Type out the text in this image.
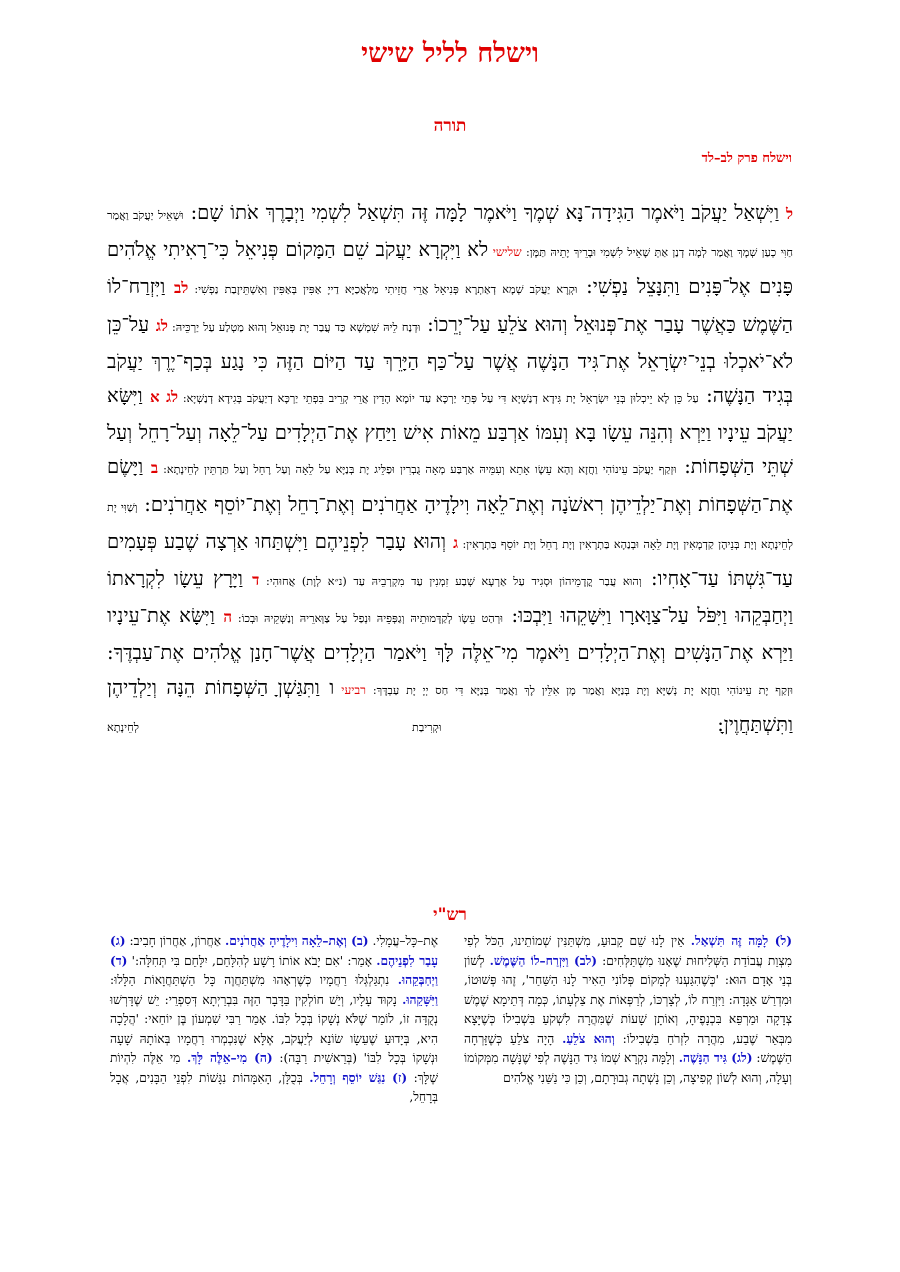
וישלח לליל שישי
תורה
וישלח פרק לב–לד
ל וַיִּשְׁאַל יַעֲקֹב וַיֹּאמֶר הַגִּידָה־נָּא שְׁמֶךָ וַיֹּאמֶר לָמָּה זֶּה תִּשְׁאַל לִשְׁמִי וַיְבָרֶךְ אֹתוֹ שָׁם: וּשְׁאֵיל יַעֲקֹב וַאֲמַר חַוִּי כְעַן שְׁמָךְ וַאֲמַר לְמָה דְנַן אַתְּ שָׁאֵיל לִשְׁמִי וּבָרֵיךְ יָתֵיהּ תַּמָּן: שלישי לא וַיִּקְרָא יַעֲקֹב שֵׁם הַמָּקוֹם פְּנִיאֵל כִּי־רָאִיתִי אֱלֹהִים פָּנִים אֶל־פָּנִים וַתִּנָּצֵל נַפְשִׁי: וּקְרָא יַעֲקֹב שְׁמָא דְאַתְרָא פְּנִיאֵל אֲרֵי חֲזֵיתִי מַלְאֲכַיָּא דַייָ אַפִּין בְּאַפִּין וְאִשְׁתֵּיזָבַת נַפְשִׁי: לב וַיִּזְרַח־לוֹ הַשֶּׁמֶשׁ כַּאֲשֶׁר עָבַר אֶת־פְּנוּאֵל וְהוּא צֹלֵעַ עַל־יְרֵכוֹ: וּדְנַח לֵיהּ שִׁמְשָׁא כַּד עֲבַר יָת פְּנוּאֵל וְהוּא מַטְלַע עַל יַרְכֵּיהּ: לג עַל־כֵּן לֹא־יֹאכְלוּ בְנֵי־יִשְׂרָאֵל אֶת־גִּיד הַנָּשֶׁה אֲשֶׁר עַל־כַּף הַיָּרֵךְ עַד הַיּוֹם הַזֶּה כִּי נָגַע בְּכַף־יֶרֶךְ יַעֲקֹב בְּגִיד הַנָּשֶׁה: עַל כֵּן לָא יֵיכְלוּן בְּנֵי יִשְׂרָאֵל יָת גִּידָא דְנַשְׁיָא דִּי עַל פְּתֵי יַרְכָּא עַד יוֹמָא הָדֵין אֲרֵי קְרֵיב בִּפְתֵי יַרְכָּא דְיַעֲקֹב בְּגִידָא דְנַשְׁיָא: לג א וַיִּשָּׂא יַעֲקֹב עֵינָיו וַיַּרְא וְהִנֵּה עֵשָׂו בָּא וְעִמּוֹ אַרְבַּע מֵאוֹת אִישׁ וַיַּחַץ אֶת־הַיְלָדִים עַל־לֵאָה וְעַל־רָחֵל וְעַל שְׁתֵּי הַשְּׁפָחוֹת: וּזְקַף יַעֲקֹב עֵינוֹהִי וַחֲזָא וְהָא עֵשָׂו אָתֵא וְעִמֵּיהּ אַרְבַּע מְאָה גֻבְרִין וּפַלֵּיג יָת בְּנַיָּא עַל לֵאָה וְעַל רָחֵל וְעַל תַּרְתֵּין לְחֵינָתָא: ב וַיָּשֶׂם אֶת־הַשְּׁפָחוֹת וְאֶת־יַלְדֵיהֶן רִאשֹׁנָה וְאֶת־לֵאָה וִילָדֶיהָ אַחֲרֹנִים וְאֶת־רָחֵל וְאֶת־יוֹסֵף אַחֲרֹנִים: וְשַׁוִּי יָת לְחֵינָתָא וְיָת בְּנֵיהֶן קַדְמָאִין וְיָת לֵאָה וּבְנַהָא בַּתְרָאִין וְיָת רָחֵל וְיָת יוֹסֵף בַּתְרָאִין: ג וְהוּא עָבַר לִפְנֵיהֶם וַיִּשְׁתַּחוּ אַרְצָה שֶׁבַע פְּעָמִים עַד־גִּשְׁתּוֹ עַד־אָחִיו: וְהוּא עֲבַר קֳדָמֵיהוֹן וּסְגִיד עַל אַרְעָא שְׁבַע זִמְנִין עַד מִקְרְבֵיהּ עַד (נ״א לְוָת) אֲחוּהִי: ד וַיָּרָץ עֵשָׂו לִקְרָאתוֹ וַיְחַבְּקֵהוּ וַיִּפֹּל עַל־צַוָּארָו וַיִּשָּׁקֵהוּ וַיִּבְכּוּ: וּרְהַט עֵשָׂו לְקַדָּמוּתֵיהּ וְגַפְּפֵיהּ וּנְפַל עַל צַוְּארֵיהּ וְנַשְּׁקֵיהּ וּבְכוֹ: ה וַיִּשָּׂא אֶת־עֵינָיו וַיַּרְא אֶת־הַנָּשִׁים וְאֶת־הַיְלָדִים וַיֹּאמֶר מִי־אֵלֶּה לָּךְ וַיֹּאמַר הַיְלָדִים אֲשֶׁר־חָנַן אֱלֹהִים אֶת־עַבְדֶּךָ: וּזְקַף יָת עֵינוֹהִי וַחֲזָא יָת נְשַׁיָּא וְיָת בְּנַיָּא וַאֲמַר מָן אִלֵּין לָךְ וַאֲמַר בְּנַיָּא דִּי חַס יְיָ יָת עַבְדָּךְ: רביעי ו וַתִּגַּשְׁןָ הַשְּׁפָחוֹת הֵנָּה וְיַלְדֵיהֶן וַתִּשְׁתַּחֲוֶיןָ: וּקְרִיבַת לְחֵינָתָא
רש"י
(ל) לָמָּה זֶּה תִּשְׁאַל. אֵין לָנוּ שֵׁם קָבוּעַ, מִשְׁתַּנִּין שְׁמוֹתֵינוּ, הַכֹּל לְפִי מִצְוַת עֲבוֹדַת הַשְּׁלִיחוּת שֶׁאָנוּ מִשְׁתַּלְּחִים: (לב) וַיִּזְרַח–לוֹ הַשֶּׁמֶשׁ. לְשׁוֹן בְּנֵי אָדָם הוּא: 'כְּשֶׁהִגַּעְנוּ לְמָקוֹם פְּלוֹנִי הֵאִיר לָנוּ הַשַּׁחַר', זֶהוּ פְּשׁוּטוֹ, וּמִדְרַשׁ אַגָּדָה: וַיִּזְרַח לוֹ, לְצָרְכּוֹ, לְרַפְּאוֹת אֶת צַלְעָתוֹ, כְּמָה דְּתֵימָא שֶׁמֶשׁ צְדָקָה וּמַרְפֵּא בִּכְנָפֶיהָ, וְאוֹתָן שָׁעוֹת שֶׁמִּהֲרָה לִשְׁקֹעַ בִּשְׁבִילוֹ כְּשֶׁיָּצָא מִבְּאֵר שֶׁבַע, מִהֲרָה לִזְרֹחַ בִּשְׁבִילוֹ: וְהוּא צֹלֵעַ. הָיָה צֹלֵעַ כְּשֶׁזָּרְחָה הַשֶּׁמֶשׁ: (לג) גִּיד הַנָּשֶׁה. וְלָמָּה נִקְרָא שְׁמוֹ גִּיד הַנָּשֶׁה לְפִי שֶׁנָּשָׁה מִמְּקוֹמוֹ וְעָלָה, וְהוּא לְשׁוֹן קְפִיצָה, וְכֵן נָשְׁתָה גְבוּרָתָם, וְכֵן כִּי נַשַּׁנִי אֱלֹהִים
אֶת–כָּל–עֲמָלִי. (ב) וְאֶת–לֵאָה וִילָדֶיהָ אַחֲרֹנִים. אַחֲרוֹן, אַחֲרוֹן חָבִיב: (ג) עָבַר לִפְנֵיהֶם. אָמַר: 'אִם יָבֹא אוֹתוֹ רָשָׁע לְהִלָּחֵם, יִלָּחֵם בִּי תְּחִלָּה:' (ד) וַיְחַבְּקֵהוּ. נִתְגַּלְגְּלוּ רַחֲמָיו כְּשֶׁרְאָהוּ מִשְׁתַּחֲוֶה כָּל הַשְׁתַּחֲוָאוֹת הַלָּלוּ: וַיִּשָּׁקֵהוּ. נָקוּד עָלָיו, וְיֵשׁ חוֹלְקִין בַּדָּבָר הַזֶּה בִּבְרַיְתָא דְּסִפְרֵי: יֵשׁ שֶׁדָּרְשׁוּ נְקֻדָּה זוֹ, לוֹמַר שֶׁלֹּא נְשָׁקוֹ בְּכָל לִבּוֹ. אָמַר רַבִּי שִׁמְעוֹן בֶּן יוֹחַאי: 'הֲלָכָה הִיא, בְּיָדוּעַ שֶׁעֵשָׂו שׂוֹנֵא לְיַעֲקֹב, אֶלָּא שֶׁנִּכְמְרוּ רַחֲמָיו בְּאוֹתָהּ שָׁעָה וּנְשָׁקוֹ בְּכָל לִבּוֹ' (בְּרֵאשִׁית רַבָּה): (ה) מִי–אֵלֶּה לָּךְ. מִי אֵלֶּה לִהְיוֹת שֶׁלָּךְ: (ז) נִגַּשׁ יוֹסֵף וְרָחֵל. בְּכֻלָּן, הָאִמָּהוֹת נִגָּשׁוֹת לִפְנֵי הַבָּנִים, אֲבָל בְּרָחֵל,
